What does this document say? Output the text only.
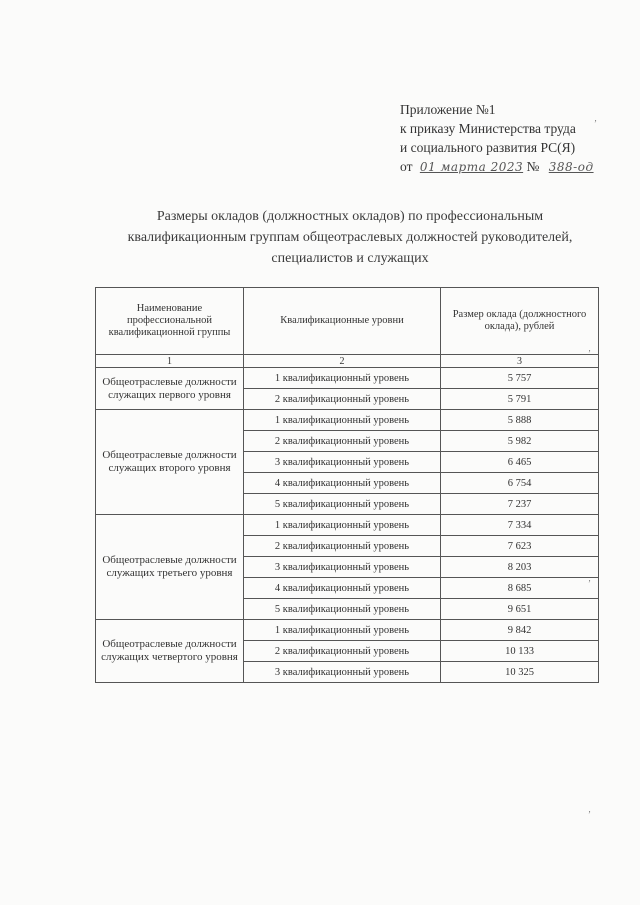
Приложение №1
к приказу Министерства труда
и социального развития РС(Я)
от 01 марта 2023 № 388-од
Размеры окладов (должностных окладов) по профессиональным квалификационным группам общеотраслевых должностей руководителей, специалистов и служащих
Наименование профессиональной квалификационной группы	Квалификационные уровни	Размер оклада (должностного оклада), рублей
1	2	3
Общеотраслевые должности служащих первого уровня	1 квалификационный уровень	5 757
	2 квалификационный уровень	5 791
Общеотраслевые должности служащих второго уровня	1 квалификационный уровень	5 888
	2 квалификационный уровень	5 982
	3 квалификационный уровень	6 465
	4 квалификационный уровень	6 754
	5 квалификационный уровень	7 237
Общеотраслевые должности служащих третьего уровня	1 квалификационный уровень	7 334
	2 квалификационный уровень	7 623
	3 квалификационный уровень	8 203
	4 квалификационный уровень	8 685
	5 квалификационный уровень	9 651
Общеотраслевые должности служащих четвертого уровня	1 квалификационный уровень	9 842
	2 квалификационный уровень	10 133
	3 квалификационный уровень	10 325
‚
‚
‚
‚
